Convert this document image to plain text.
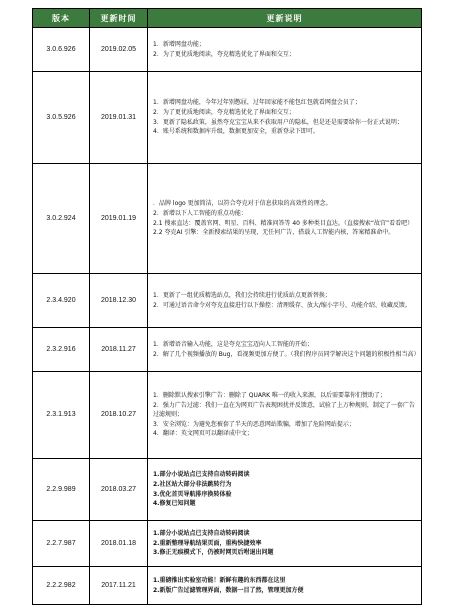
版本	更新时间	更新说明
3.0.6.926	2019.02.05	1．新增网盘功能；
2．为了更优质地阅读，夸克精选优化了界面和交互；

3.0.5.926	2019.01.31	1．新增网盘功能，今年过年别憋屈，过年回家能不能包红包就看网盘会员了；
2．为了更优质地阅读，夸克精选优化了界面和交互；
3．更新了隐私政策，虽然夸克宝宝从来不获取用户的隐私，但是还是需要给你一份正式说明；
4．账号系统和数据库升级，数据更加安全，重新登录下即可。

3.0.2.924	2019.01.19	．品牌 logo 更加简洁，以符合夸克对于信息获取的高效性的理念。
2．新增以下人工智能的重点功能：
2.1 搜索直达：覆盖官网、明星、百科、精准问答等 40 多种类目直达。（直接搜索“故宫”看看吧）
2.2 夸克AI 引擎：全新搜索结果的呈现，无任何广告，搭载人工智能内核，答案精准命中。

2.3.4.920	2018.12.30	1．更新了一组优质精选站点，我们会持续进行优质站点更新替换；
2．可通过语音命令对夸克直接进行以下操控：清理缓存、放大/缩小字号、功能介绍、收藏反馈。

2.3.2.916	2018.11.27	1．新增语音输入功能，这是夸克宝宝迈向人工智能的开始；
2．解了几个视频播放的 Bug，看视频更加方便了。（我们程序员同学解决这个问题的积极性相当高）

2.3.1.913	2018.10.27	1．删除默认搜索引擎广告：删除了 QUARK 唯一的收入来源，以后需要靠你们赞助了；
2．强力广告过滤：我们一直在为网页广告表现困扰并反馈意，试验了上万种规则，制定了一套广告过滤规则；
3．安全浏览：为避免您被套了半天的恶意网站欺骗，增加了危险网站提示；
4．翻译：英文网页可以翻译成中文；

2.2.9.989	2018.03.27	1.部分小说站点已支持自动转码阅读
2.社区站大部分非法跳转行为
3.优化首页导航排序换转体验
4.修复已知问题

2.2.7.987	2018.01.18	1.部分小说站点已支持自动转码阅读
2.重新整理导航结果页面，重构快捷效率
3.修正无痕模式下，仍被时网页后咐退出问题

2.2.2.982	2017.11.21	1.重磅推出实验室功能！新鲜有趣的东西都在这里
2.新版广告过滤管理界面，数据一目了然，管理更加方便
